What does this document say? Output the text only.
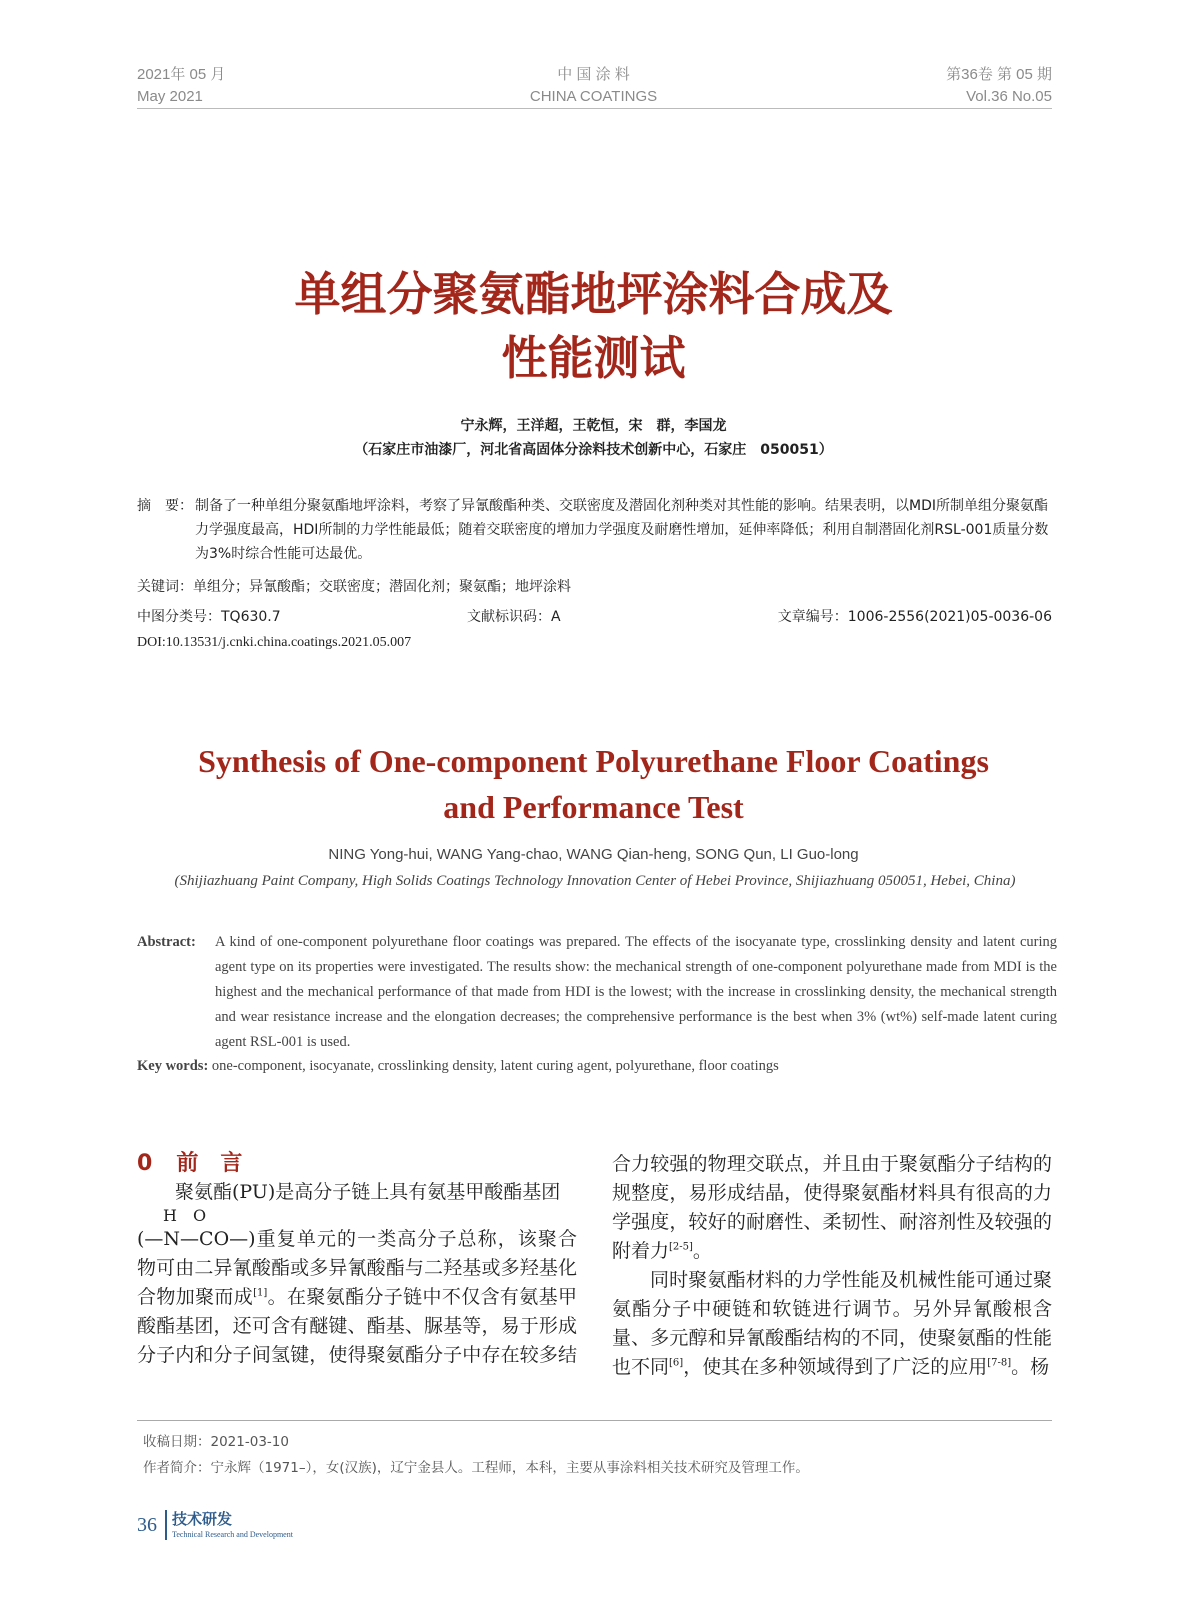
2021年 05 月
May 2021
中 国 涂 料
CHINA COATINGS
第36卷 第 05 期
Vol.36 No.05
单组分聚氨酯地坪涂料合成及
性能测试
宁永辉，王洋超，王乾恒，宋　群，李国龙
（石家庄市油漆厂，河北省高固体分涂料技术创新中心，石家庄　050051）
摘　要： 制备了一种单组分聚氨酯地坪涂料，考察了异氰酸酯种类、交联密度及潜固化剂种类对其性能的影响。结果表明，以MDI所制单组分聚氨酯力学强度最高，HDI所制的力学性能最低；随着交联密度的增加力学强度及耐磨性增加，延伸率降低；利用自制潜固化剂RSL-001质量分数为3%时综合性能可达最优。
关键词：单组分；异氰酸酯；交联密度；潜固化剂；聚氨酯；地坪涂料
中图分类号：TQ630.7	文献标识码：A	文章编号：1006-2556(2021)05-0036-06
DOI:10.13531/j.cnki.china.coatings.2021.05.007
Synthesis of One-component Polyurethane Floor Coatings
and Performance Test
NING Yong-hui, WANG Yang-chao, WANG Qian-heng, SONG Qun, LI Guo-long
(Shijiazhuang Paint Company, High Solids Coatings Technology Innovation Center of Hebei Province, Shijiazhuang 050051, Hebei, China)
Abstract: A kind of one-component polyurethane floor coatings was prepared. The effects of the isocyanate type, crosslinking density and latent curing agent type on its properties were investigated. The results show: the mechanical strength of one-component polyurethane made from MDI is the highest and the mechanical performance of that made from HDI is the lowest; with the increase in crosslinking density, the mechanical strength and wear resistance increase and the elongation decreases; the comprehensive performance is the best when 3% (wt%) self-made latent curing agent RSL-001 is used.
Key words: one-component, isocyanate, crosslinking density, latent curing agent, polyurethane, floor coatings
0 前　言

聚氨酯(PU)是高分子链上具有氨基甲酸酯基团

H　O

(—N—CO—)重复单元的一类高分子总称，该聚合物可由二异氰酸酯或多异氰酸酯与二羟基或多羟基化合物加聚而成[1]。在聚氨酯分子链中不仅含有氨基甲酸酯基团，还可含有醚键、酯基、脲基等，易于形成分子内和分子间氢键，使得聚氨酯分子中存在较多结

合力较强的物理交联点，并且由于聚氨酯分子结构的规整度，易形成结晶，使得聚氨酯材料具有很高的力学强度，较好的耐磨性、柔韧性、耐溶剂性及较强的附着力[2-5]。

同时聚氨酯材料的力学性能及机械性能可通过聚氨酯分子中硬链和软链进行调节。另外异氰酸根含量、多元醇和异氰酸酯结构的不同，使聚氨酯的性能也不同[6]，使其在多种领域得到了广泛的应用[7-8]。杨

收稿日期：2021-03-10
作者简介：宁永辉（1971–），女(汉族)，辽宁金县人。工程师，本科，主要从事涂料相关技术研究及管理工作。
36 技术研发
Technical Research and Development
